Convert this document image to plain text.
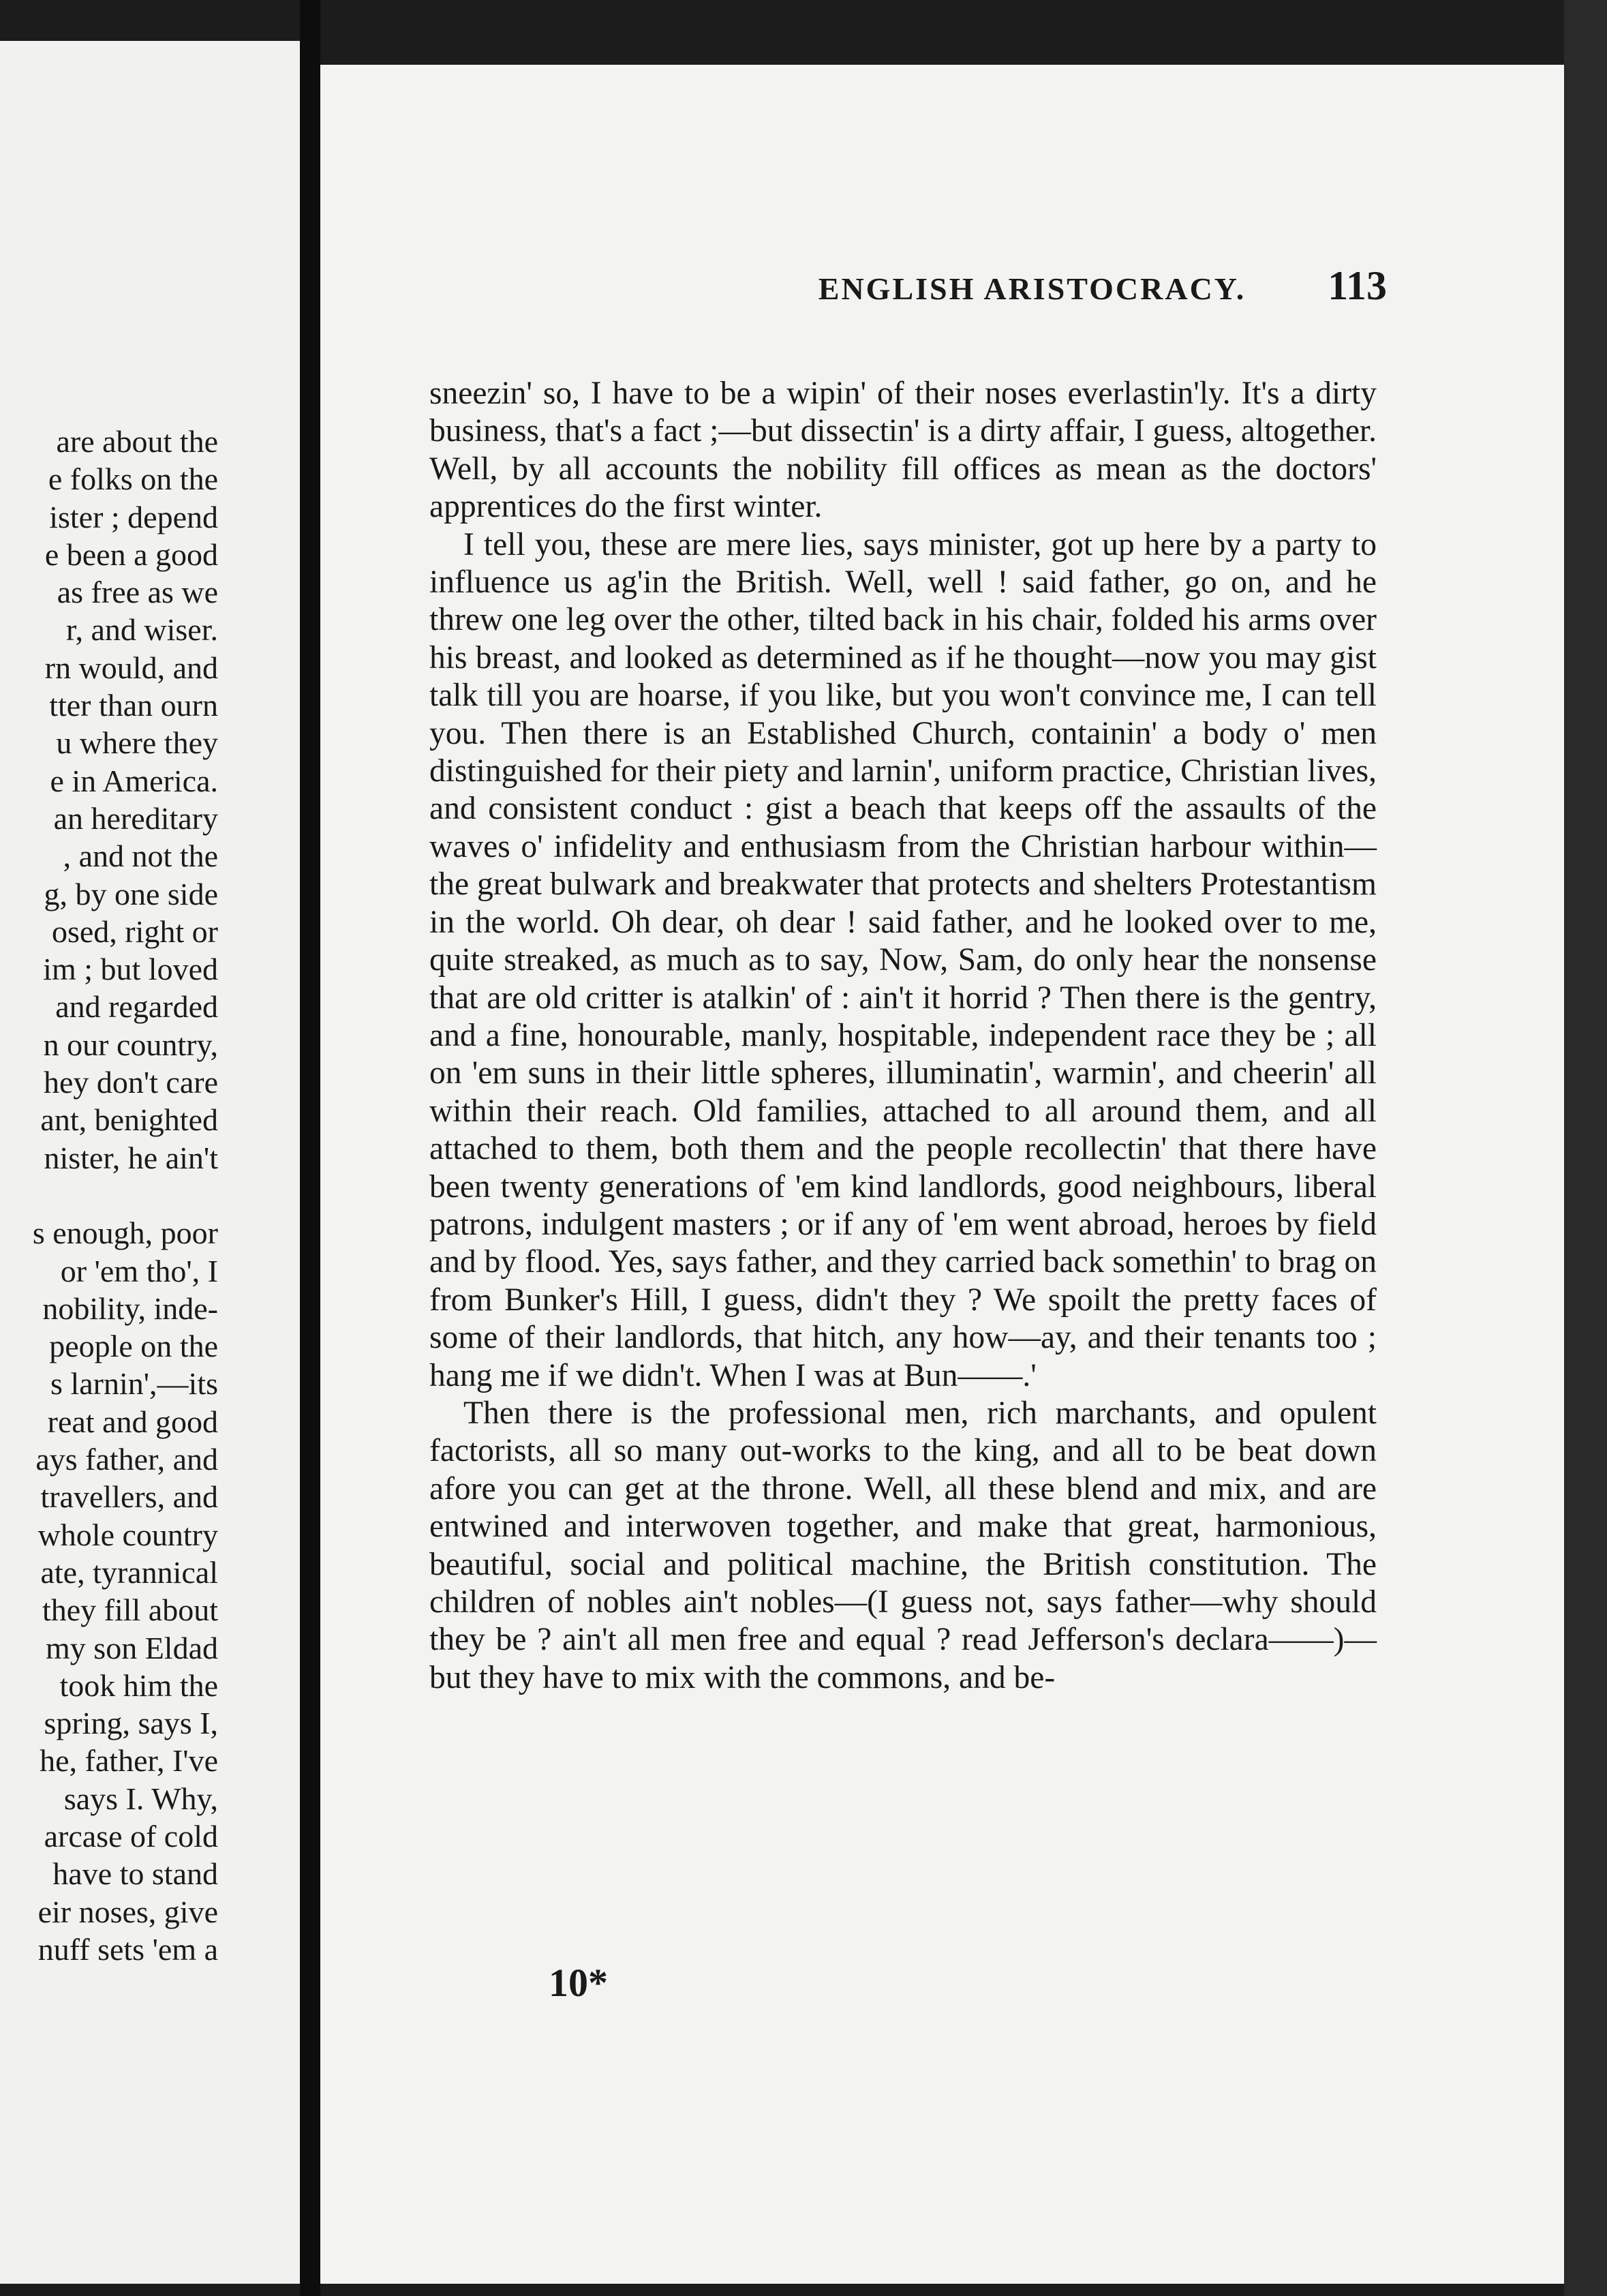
are about the
e folks on the
ister ; depend
e been a good
as free as we
r, and wiser.
rn would, and
tter than ourn
u where they
e in America.
an hereditary
, and not the
g, by one side
osed, right or
im ; but loved
and regarded
n our country,
hey don't care
ant, benighted
nister, he ain't
s enough, poor
or 'em tho', I
nobility, inde-
people on the
s larnin',—its
reat and good
ays father, and
travellers, and
whole country
ate, tyrannical
they fill about
my son Eldad
took him the
spring, says I,
he, father, I've
says I. Why,
arcase of cold
have to stand
eir noses, give
nuff sets 'em a
ENGLISH ARISTOCRACY. 113

sneezin' so, I have to be a wipin' of their noses everlastin'ly. It's a dirty business, that's a fact ;—but dissectin' is a dirty affair, I guess, altogether. Well, by all accounts the nobility fill offices as mean as the doctors' apprentices do the first winter.

I tell you, these are mere lies, says minister, got up here by a party to influence us ag'in the British. Well, well ! said father, go on, and he threw one leg over the other, tilted back in his chair, folded his arms over his breast, and looked as determined as if he thought—now you may gist talk till you are hoarse, if you like, but you won't convince me, I can tell you. Then there is an Established Church, containin' a body o' men distinguished for their piety and larnin', uniform practice, Christian lives, and consistent conduct : gist a beach that keeps off the assaults of the waves o' infidelity and enthusiasm from the Christian harbour within—the great bulwark and breakwater that protects and shelters Protestantism in the world. Oh dear, oh dear ! said father, and he looked over to me, quite streaked, as much as to say, Now, Sam, do only hear the nonsense that are old critter is atalkin' of : ain't it horrid ? Then there is the gentry, and a fine, honourable, manly, hospitable, independent race they be ; all on 'em suns in their little spheres, illuminatin', warmin', and cheerin' all within their reach. Old families, attached to all around them, and all attached to them, both them and the people recollectin' that there have been twenty generations of 'em kind landlords, good neighbours, liberal patrons, indulgent masters ; or if any of 'em went abroad, heroes by field and by flood. Yes, says father, and they carried back somethin' to brag on from Bunker's Hill, I guess, didn't they ? We spoilt the pretty faces of some of their landlords, that hitch, any how—ay, and their tenants too ; hang me if we didn't. When I was at Bun——.'

Then there is the professional men, rich marchants, and opulent factorists, all so many out-works to the king, and all to be beat down afore you can get at the throne. Well, all these blend and mix, and are entwined and interwoven together, and make that great, harmonious, beautiful, social and political machine, the British constitution. The children of nobles ain't nobles—(I guess not, says father—why should they be ? ain't all men free and equal ? read Jefferson's declara——)—but they have to mix with the commons, and be-

10*
